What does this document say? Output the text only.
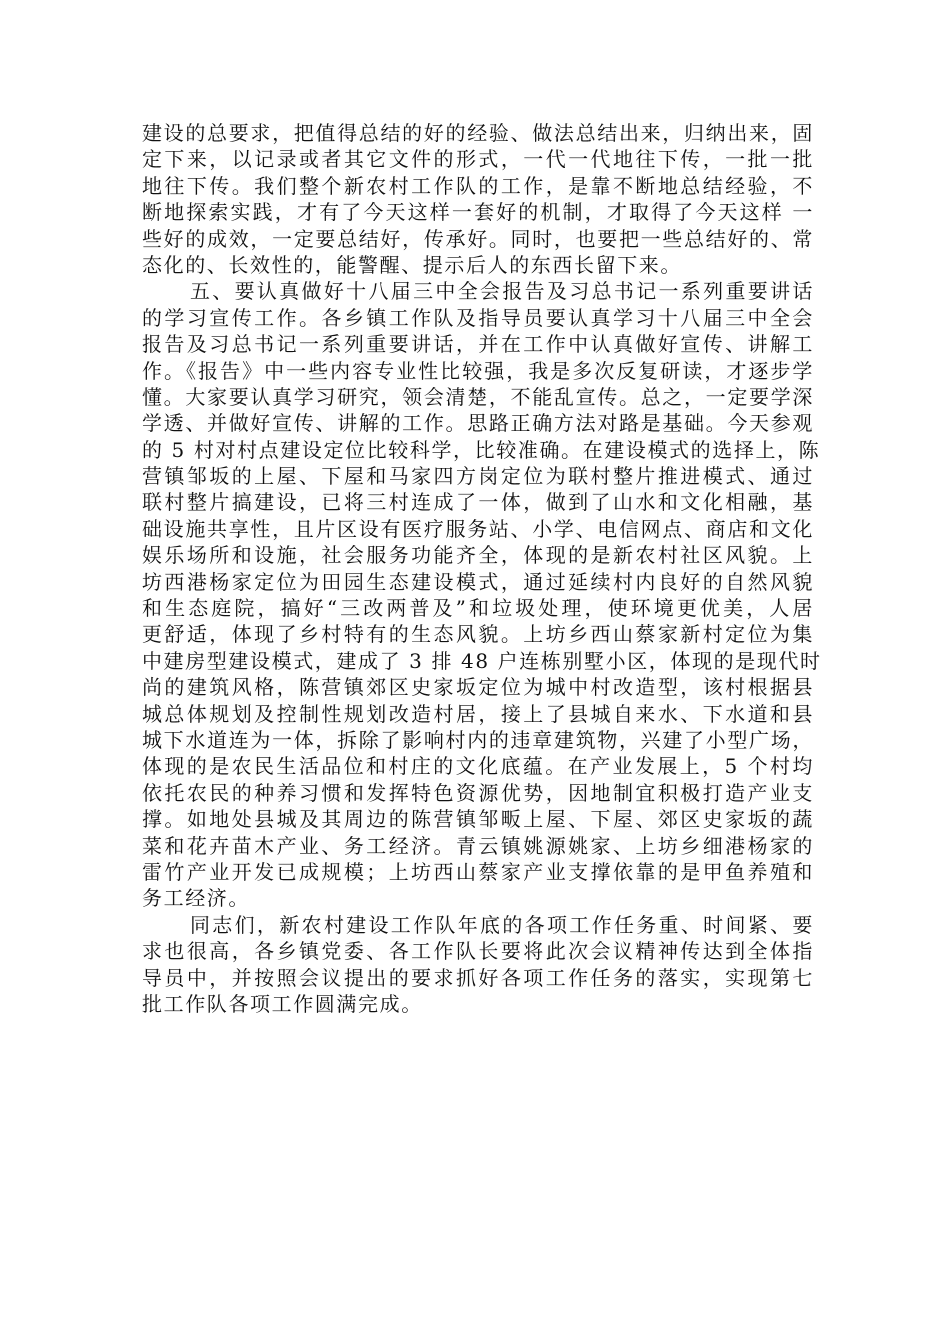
建设的总要求，把值得总结的好的经验、做法总结出来，归纳出来，固
定下来，以记录或者其它文件的形式，一代一代地往下传，一批一批
地往下传。我们整个新农村工作队的工作，是靠不断地总结经验，不
断地探索实践，才有了今天这样一套好的机制，才取得了今天这样 一
些好的成效，一定要总结好，传承好。同时，也要把一些总结好的、常
态化的、长效性的，能警醒、提示后人的东西长留下来。
五、要认真做好十八届三中全会报告及习总书记一系列重要讲话
的学习宣传工作。各乡镇工作队及指导员要认真学习十八届三中全会
报告及习总书记一系列重要讲话，并在工作中认真做好宣传、讲解工
作。《报告》中一些内容专业性比较强，我是多次反复研读，才逐步学
懂。大家要认真学习研究，领会清楚，不能乱宣传。总之，一定要学深
学透、并做好宣传、讲解的工作。思路正确方法对路是基础。今天参观
的 5 村对村点建设定位比较科学，比较准确。在建设模式的选择上，陈
营镇邹坂的上屋、下屋和马家四方岗定位为联村整片推进模式、通过
联村整片搞建设，已将三村连成了一体，做到了山水和文化相融，基
础设施共享性，且片区设有医疗服务站、小学、电信网点、商店和文化
娱乐场所和设施，社会服务功能齐全，体现的是新农村社区风貌。上
坊西港杨家定位为田园生态建设模式，通过延续村内良好的自然风貌
和生态庭院，搞好“三改两普及”和垃圾处理，使环境更优美，人居
更舒适，体现了乡村特有的生态风貌。上坊乡西山蔡家新村定位为集
中建房型建设模式，建成了 3 排 48 户连栋别墅小区，体现的是现代时
尚的建筑风格，陈营镇郊区史家坂定位为城中村改造型，该村根据县
城总体规划及控制性规划改造村居，接上了县城自来水、下水道和县
城下水道连为一体，拆除了影响村内的违章建筑物，兴建了小型广场，
体现的是农民生活品位和村庄的文化底蕴。在产业发展上，5 个村均
依托农民的种养习惯和发挥特色资源优势，因地制宜积极打造产业支
撑。如地处县城及其周边的陈营镇邹畈上屋、下屋、郊区史家坂的蔬
菜和花卉苗木产业、务工经济。青云镇姚源姚家、上坊乡细港杨家的
雷竹产业开发已成规模；上坊西山蔡家产业支撑依靠的是甲鱼养殖和
务工经济。
同志们，新农村建设工作队年底的各项工作任务重、时间紧、要
求也很高，各乡镇党委、各工作队长要将此次会议精神传达到全体指
导员中，并按照会议提出的要求抓好各项工作任务的落实，实现第七
批工作队各项工作圆满完成。
